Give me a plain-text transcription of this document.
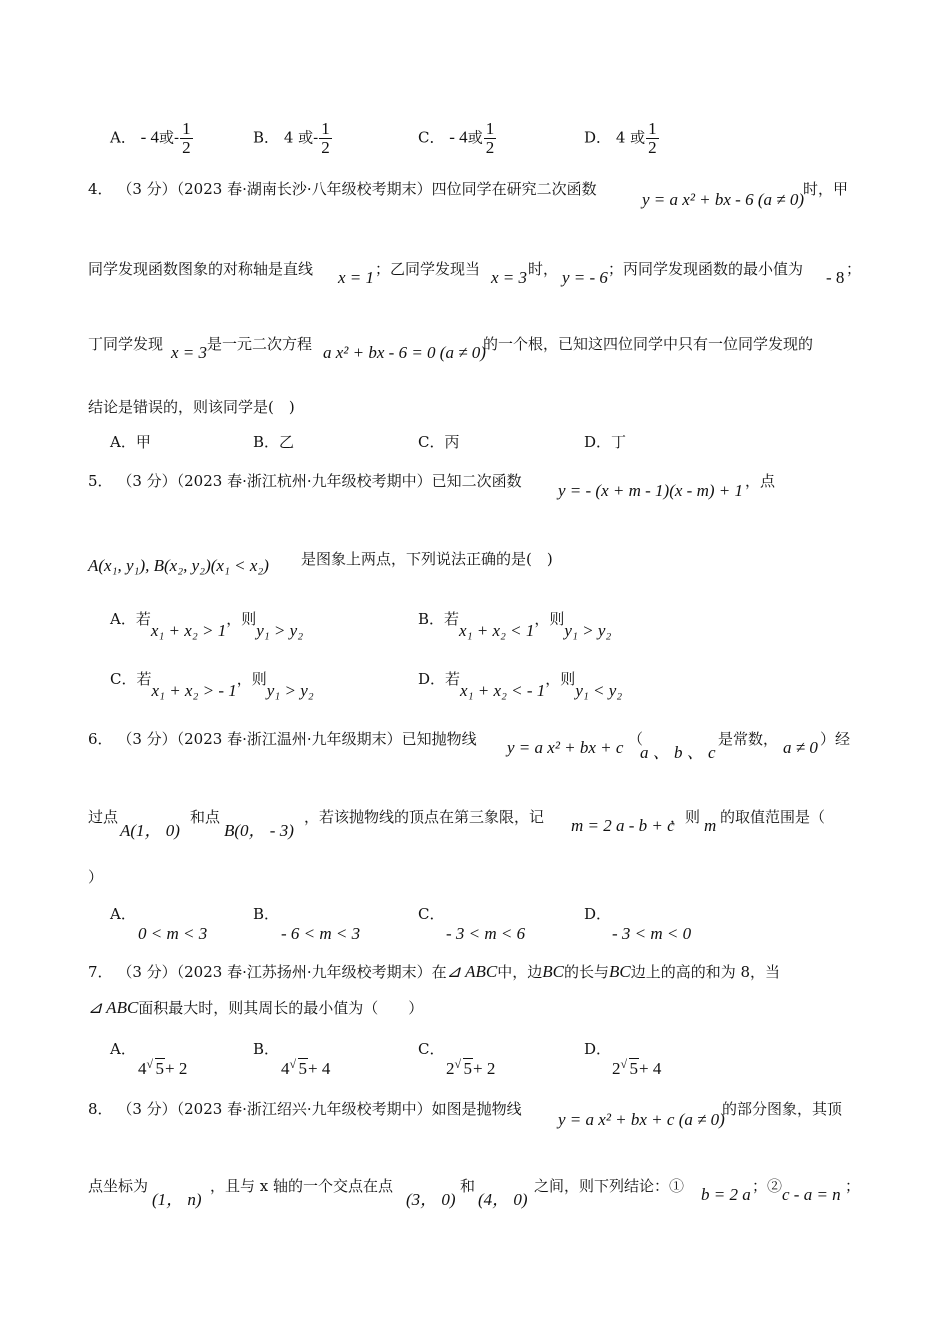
A． - 4或- $\frac{1}{2}$	B． 4 或- $\frac{1}{2}$	C． - 4或 $\frac{1}{2}$	D． 4 或 $\frac{1}{2}$
4． （3 分）（2023 春·湖南长沙·八年级校考期末）四位同学在研究二次函数
y = a x² + bx - 6 (a ≠ 0)
时，甲
同学发现函数图象的对称轴是直线 x = 1 ；乙同学发现当 x = 3 时， y = - 6 ；丙同学发现函数的最小值为 - 8 ；
丁同学发现 x = 3 是一元二次方程 a x² + bx - 6 = 0 (a ≠ 0)
的一个根，已知这四位同学中只有一位同学发现的
结论是错误的，则该同学是(　)
A．甲	B．乙	C．丙	D．丁
5． （3 分）（2023 春·浙江杭州·九年级校考期中）已知二次函数 y = - (x + m - 1)(x - m) + 1 ，点
A(x₁, y₁), B(x₂, y₂)(x₁ < x₂) 是图象上两点，下列说法正确的是(　)
A．若x₁ + x₂ > 1，则y₁ > y₂
B．若x₁ + x₂ < 1，则y₁ > y₂
C．若x₁ + x₂ > - 1，则y₁ > y₂
D．若x₁ + x₂ < - 1，则y₁ < y₂
6． （3 分）（2023 春·浙江温州·九年级期末）已知抛物线 y = a x² + bx + c （
a 、 b 、 c
是常数， a ≠ 0 ）经
过点
A(1， 0)
和点
B(0， - 3)
，若该抛物线的顶点在第三象限，记 m = 2 a - b + c
，则 m 的取值范围是（
）
A．
0 < m < 3
B．
- 6 < m < 3
C．
- 3 < m < 6
D．
- 3 < m < 0
7． （3 分）（2023 春·江苏扬州·九年级校考期末）在⊿ ABC中，边BC的长与BC边上的高的和为 8，当
⊿ ABC面积最大时，则其周长的最小值为（　　）
A．
4 √ 5+ 2
B．
4 √ 5+ 4
C．
2 √ 5+ 2
D．
2 √ 5+ 4
8． （3 分）（2023 春·浙江绍兴·九年级校考期中）如图是抛物线
y = a x² + bx + c (a ≠ 0)
的部分图象，其顶
点坐标为
(1， n)
，且与 x 轴的一个交点在点
(3， 0)
和
(4， 0)
之间，则下列结论：① b = 2 a ；② c - a = n ；
